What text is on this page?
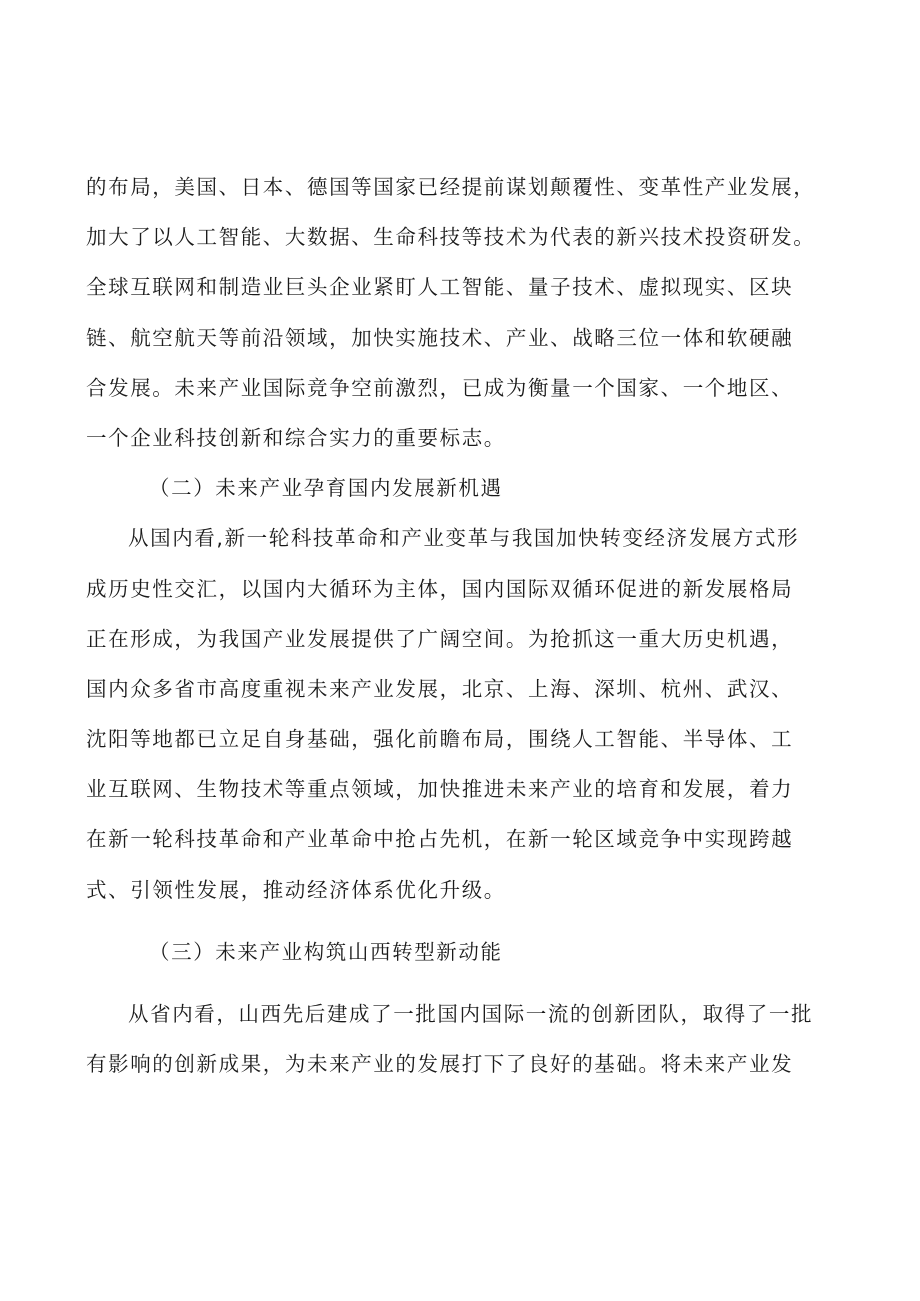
的布局，美国、日本、德国等国家已经提前谋划颠覆性、变革性产业发展，
加大了以人工智能、大数据、生命科技等技术为代表的新兴技术投资研发。
全球互联网和制造业巨头企业紧盯人工智能、量子技术、虚拟现实、区块
链、航空航天等前沿领域，加快实施技术、产业、战略三位一体和软硬融
合发展。未来产业国际竞争空前激烈，已成为衡量一个国家、一个地区、
一个企业科技创新和综合实力的重要标志。
（二）未来产业孕育国内发展新机遇
从国内看,新一轮科技革命和产业变革与我国加快转变经济发展方式形
成历史性交汇，以国内大循环为主体，国内国际双循环促进的新发展格局
正在形成，为我国产业发展提供了广阔空间。为抢抓这一重大历史机遇，
国内众多省市高度重视未来产业发展，北京、上海、深圳、杭州、武汉、
沈阳等地都已立足自身基础，强化前瞻布局，围绕人工智能、半导体、工
业互联网、生物技术等重点领域，加快推进未来产业的培育和发展，着力
在新一轮科技革命和产业革命中抢占先机，在新一轮区域竞争中实现跨越
式、引领性发展，推动经济体系优化升级。
（三）未来产业构筑山西转型新动能
从省内看，山西先后建成了一批国内国际一流的创新团队，取得了一批
有影响的创新成果，为未来产业的发展打下了良好的基础。将未来产业发
